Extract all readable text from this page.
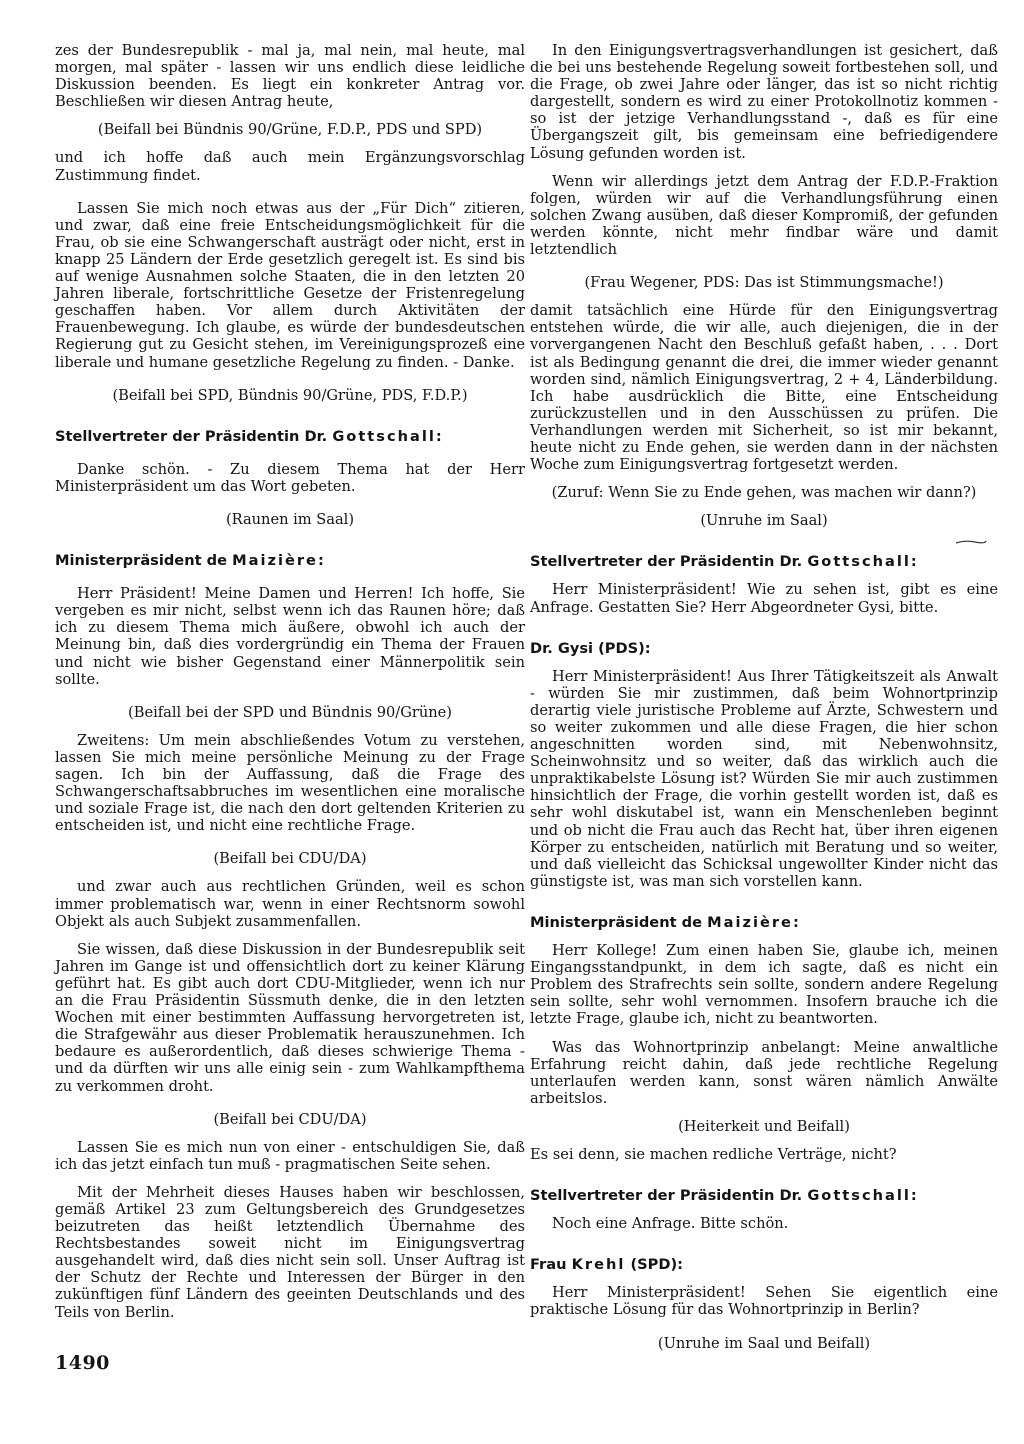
zes der Bundesrepublik - mal ja, mal nein, mal heute, mal morgen, mal später - lassen wir uns endlich diese leidliche Diskussion beenden. Es liegt ein konkreter Antrag vor. Beschließen wir diesen Antrag heute,

(Beifall bei Bündnis 90/Grüne, F.D.P., PDS und SPD)

und ich hoffe daß auch mein Ergänzungsvorschlag Zustimmung findet.

Lassen Sie mich noch etwas aus der „Für Dich“ zitieren, und zwar, daß eine freie Entscheidungsmöglichkeit für die Frau, ob sie eine Schwangerschaft austrägt oder nicht, erst in knapp 25 Ländern der Erde gesetzlich geregelt ist. Es sind bis auf wenige Ausnahmen solche Staaten, die in den letzten 20 Jahren liberale, fortschrittliche Gesetze der Fristenregelung geschaffen haben. Vor allem durch Aktivitäten der Frauenbewegung. Ich glaube, es würde der bundesdeutschen Regierung gut zu Gesicht stehen, im Vereinigungsprozeß eine liberale und humane gesetzliche Regelung zu finden. - Danke.

(Beifall bei SPD, Bündnis 90/Grüne, PDS, F.D.P.)

Stellvertreter der Präsidentin Dr. Gottschall:

Danke schön. - Zu diesem Thema hat der Herr Ministerpräsident um das Wort gebeten.

(Raunen im Saal)

Ministerpräsident de Maizière:

Herr Präsident! Meine Damen und Herren! Ich hoffe, Sie vergeben es mir nicht, selbst wenn ich das Raunen höre; daß ich zu diesem Thema mich äußere, obwohl ich auch der Meinung bin, daß dies vordergründig ein Thema der Frauen und nicht wie bisher Gegenstand einer Männerpolitik sein sollte.

(Beifall bei der SPD und Bündnis 90/Grüne)

Zweitens: Um mein abschließendes Votum zu verstehen, lassen Sie mich meine persönliche Meinung zu der Frage sagen. Ich bin der Auffassung, daß die Frage des Schwangerschaftsabbruches im wesentlichen eine moralische und soziale Frage ist, die nach den dort geltenden Kriterien zu entscheiden ist, und nicht eine rechtliche Frage.

(Beifall bei CDU/DA)

und zwar auch aus rechtlichen Gründen, weil es schon immer problematisch war, wenn in einer Rechtsnorm sowohl Objekt als auch Subjekt zusammenfallen.

Sie wissen, daß diese Diskussion in der Bundesrepublik seit Jahren im Gange ist und offensichtlich dort zu keiner Klärung geführt hat. Es gibt auch dort CDU-Mitglieder, wenn ich nur an die Frau Präsidentin Süssmuth denke, die in den letzten Wochen mit einer bestimmten Auffassung hervorgetreten ist, die Strafgewähr aus dieser Problematik herauszunehmen. Ich bedaure es außerordentlich, daß dieses schwierige Thema - und da dürften wir uns alle einig sein - zum Wahlkampfthema zu verkommen droht.

(Beifall bei CDU/DA)

Lassen Sie es mich nun von einer - entschuldigen Sie, daß ich das jetzt einfach tun muß - pragmatischen Seite sehen.

Mit der Mehrheit dieses Hauses haben wir beschlossen, gemäß Artikel 23 zum Geltungsbereich des Grundgesetzes beizutreten das heißt letztendlich Übernahme des Rechtsbestandes soweit nicht im Einigungsvertrag ausgehandelt wird, daß dies nicht sein soll. Unser Auftrag ist der Schutz der Rechte und Interessen der Bürger in den zukünftigen fünf Ländern des geeinten Deutschlands und des Teils von Berlin.

In den Einigungsvertragsverhandlungen ist gesichert, daß die bei uns bestehende Regelung soweit fortbestehen soll, und die Frage, ob zwei Jahre oder länger, das ist so nicht richtig dargestellt, sondern es wird zu einer Protokollnotiz kommen - so ist der jetzige Verhandlungsstand -, daß es für eine Übergangszeit gilt, bis gemeinsam eine befriedigendere Lösung gefunden worden ist.

Wenn wir allerdings jetzt dem Antrag der F.D.P.-Fraktion folgen, würden wir auf die Verhandlungsführung einen solchen Zwang ausüben, daß dieser Kompromiß, der gefunden werden könnte, nicht mehr findbar wäre und damit letztendlich

(Frau Wegener, PDS: Das ist Stimmungsmache!)

damit tatsächlich eine Hürde für den Einigungsvertrag entstehen würde, die wir alle, auch diejenigen, die in der vorvergangenen Nacht den Beschluß gefaßt haben, . . . Dort ist als Bedingung genannt die drei, die immer wieder genannt worden sind, nämlich Einigungsvertrag, 2 + 4, Länderbildung. Ich habe ausdrücklich die Bitte, eine Entscheidung zurückzustellen und in den Ausschüssen zu prüfen. Die Verhandlungen werden mit Sicherheit, so ist mir bekannt, heute nicht zu Ende gehen, sie werden dann in der nächsten Woche zum Einigungsvertrag fortgesetzt werden.

(Zuruf: Wenn Sie zu Ende gehen, was machen wir dann?)

(Unruhe im Saal)

Stellvertreter der Präsidentin Dr. Gottschall:

Herr Ministerpräsident! Wie zu sehen ist, gibt es eine Anfrage. Gestatten Sie? Herr Abgeordneter Gysi, bitte.

Dr. Gysi (PDS):

Herr Ministerpräsident! Aus Ihrer Tätigkeitszeit als Anwalt - würden Sie mir zustimmen, daß beim Wohnortprinzip derartig viele juristische Probleme auf Ärzte, Schwestern und so weiter zukommen und alle diese Fragen, die hier schon angeschnitten worden sind, mit Nebenwohnsitz, Scheinwohnsitz und so weiter, daß das wirklich auch die unpraktikabelste Lösung ist? Würden Sie mir auch zustimmen hinsichtlich der Frage, die vorhin gestellt worden ist, daß es sehr wohl diskutabel ist, wann ein Menschenleben beginnt und ob nicht die Frau auch das Recht hat, über ihren eigenen Körper zu entscheiden, natürlich mit Beratung und so weiter, und daß vielleicht das Schicksal ungewollter Kinder nicht das günstigste ist, was man sich vorstellen kann.

Ministerpräsident de Maizière:

Herr Kollege! Zum einen haben Sie, glaube ich, meinen Eingangsstandpunkt, in dem ich sagte, daß es nicht ein Problem des Strafrechts sein sollte, sondern andere Regelung sein sollte, sehr wohl vernommen. Insofern brauche ich die letzte Frage, glaube ich, nicht zu beantworten.

Was das Wohnortprinzip anbelangt: Meine anwaltliche Erfahrung reicht dahin, daß jede rechtliche Regelung unterlaufen werden kann, sonst wären nämlich Anwälte arbeitslos.

(Heiterkeit und Beifall)

Es sei denn, sie machen redliche Verträge, nicht?

Stellvertreter der Präsidentin Dr. Gottschall:

Noch eine Anfrage. Bitte schön.

Frau Krehl (SPD):

Herr Ministerpräsident! Sehen Sie eigentlich eine praktische Lösung für das Wohnortprinzip in Berlin?

(Unruhe im Saal und Beifall)

1490
